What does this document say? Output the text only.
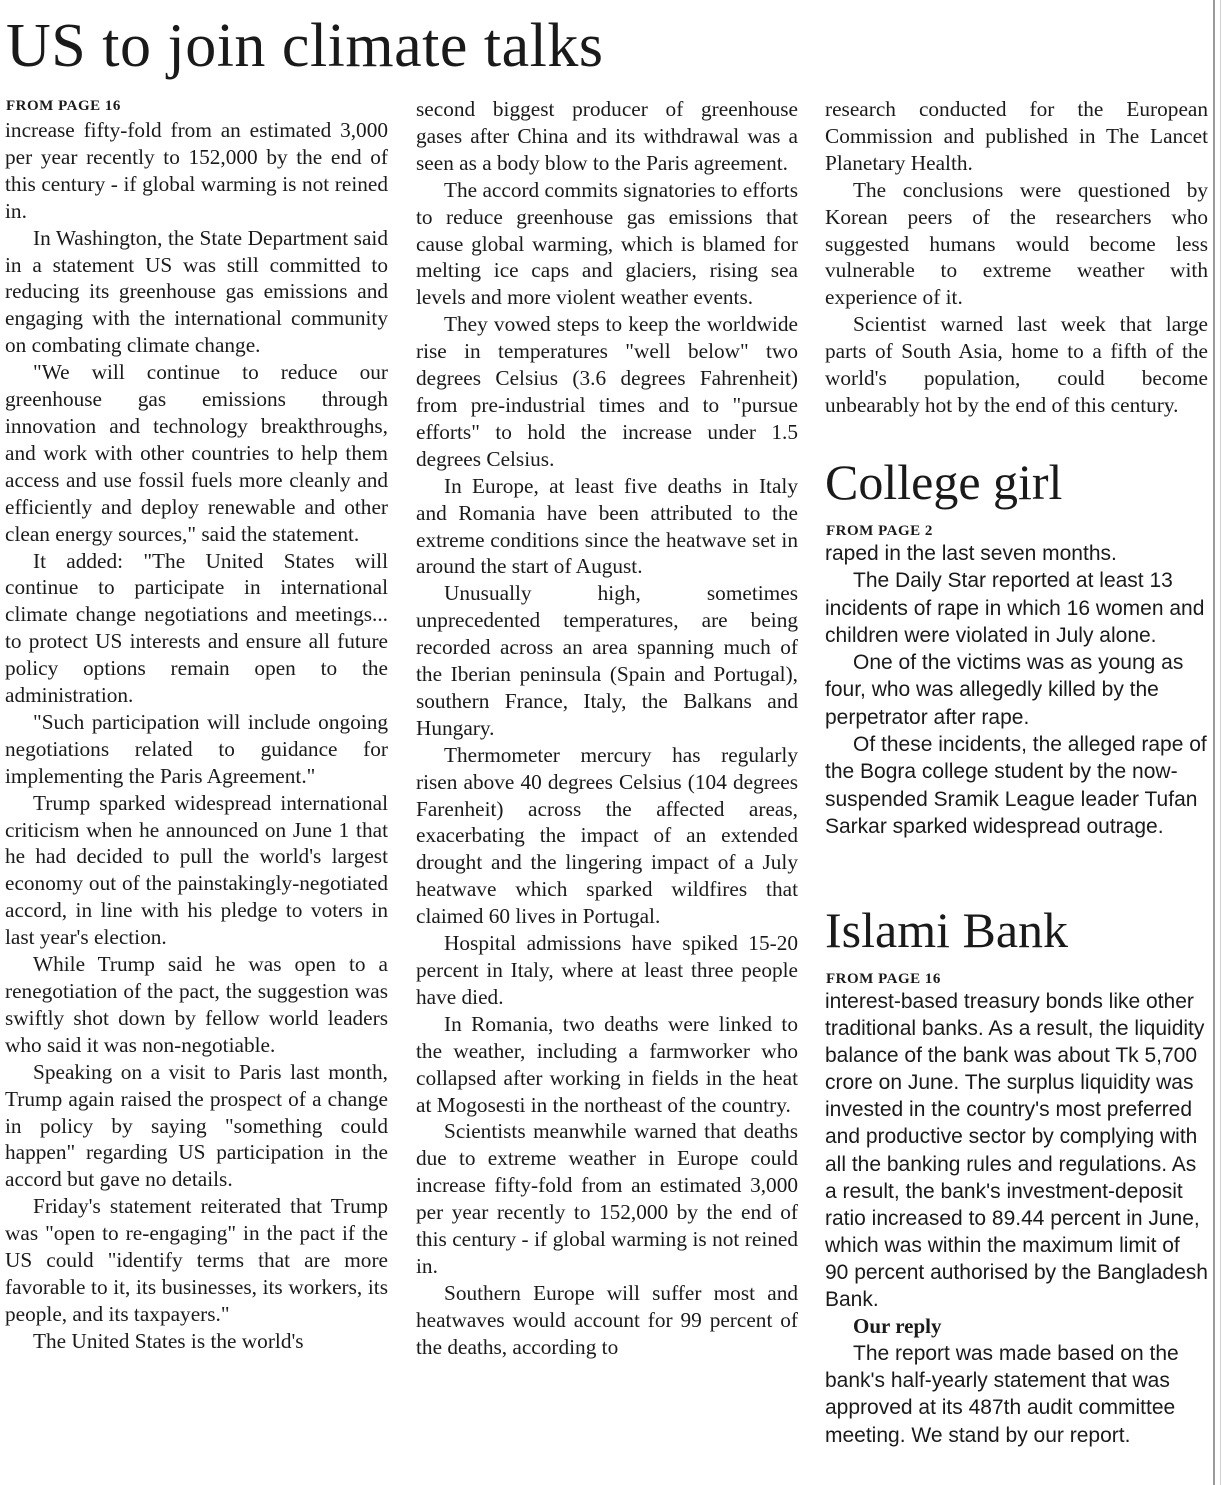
US to join climate talks
FROM PAGE 16

increase fifty-fold from an estimated 3,000 per year recently to 152,000 by the end of this century - if global warming is not reined in.

In Washington, the State Department said in a statement US was still committed to reducing its greenhouse gas emissions and engaging with the international community on combating climate change.

"We will continue to reduce our greenhouse gas emissions through innovation and technology breakthroughs, and work with other countries to help them access and use fossil fuels more cleanly and efficiently and deploy renewable and other clean energy sources," said the statement.

It added: "The United States will continue to participate in international climate change negotiations and meetings... to protect US interests and ensure all future policy options remain open to the administration.

"Such participation will include ongoing negotiations related to guidance for implementing the Paris Agreement."

Trump sparked widespread international criticism when he announced on June 1 that he had decided to pull the world's largest economy out of the painstakingly-negotiated accord, in line with his pledge to voters in last year's election.

While Trump said he was open to a renegotiation of the pact, the suggestion was swiftly shot down by fellow world leaders who said it was non-negotiable.

Speaking on a visit to Paris last month, Trump again raised the prospect of a change in policy by saying "something could happen" regarding US participation in the accord but gave no details.

Friday's statement reiterated that Trump was "open to re-engaging" in the pact if the US could "identify terms that are more favorable to it, its businesses, its workers, its people, and its taxpayers."

The United States is the world's

second biggest producer of greenhouse gases after China and its withdrawal was a seen as a body blow to the Paris agreement.

The accord commits signatories to efforts to reduce greenhouse gas emissions that cause global warming, which is blamed for melting ice caps and glaciers, rising sea levels and more violent weather events.

They vowed steps to keep the worldwide rise in temperatures "well below" two degrees Celsius (3.6 degrees Fahrenheit) from pre-industrial times and to "pursue efforts" to hold the increase under 1.5 degrees Celsius.

In Europe, at least five deaths in Italy and Romania have been attributed to the extreme conditions since the heatwave set in around the start of August.

Unusually high, sometimes unprecedented temperatures, are being recorded across an area spanning much of the Iberian peninsula (Spain and Portugal), southern France, Italy, the Balkans and Hungary.

Thermometer mercury has regularly risen above 40 degrees Celsius (104 degrees Farenheit) across the affected areas, exacerbating the impact of an extended drought and the lingering impact of a July heatwave which sparked wildfires that claimed 60 lives in Portugal.

Hospital admissions have spiked 15-20 percent in Italy, where at least three people have died.

In Romania, two deaths were linked to the weather, including a farmworker who collapsed after working in fields in the heat at Mogosesti in the northeast of the country.

Scientists meanwhile warned that deaths due to extreme weather in Europe could increase fifty-fold from an estimated 3,000 per year recently to 152,000 by the end of this century - if global warming is not reined in.

Southern Europe will suffer most and heatwaves would account for 99 percent of the deaths, according to

research conducted for the European Commission and published in The Lancet Planetary Health.

The conclusions were questioned by Korean peers of the researchers who suggested humans would become less vulnerable to extreme weather with experience of it.

Scientist warned last week that large parts of South Asia, home to a fifth of the world's population, could become unbearably hot by the end of this century.

College girl
FROM PAGE 2

raped in the last seven months.

The Daily Star reported at least 13 incidents of rape in which 16 women and children were violated in July alone.

One of the victims was as young as four, who was allegedly killed by the perpetrator after rape.

Of these incidents, the alleged rape of the Bogra college student by the now-suspended Sramik League leader Tufan Sarkar sparked widespread outrage.

Islami Bank
FROM PAGE 16

interest-based treasury bonds like other traditional banks. As a result, the liquidity balance of the bank was about Tk 5,700 crore on June. The surplus liquidity was invested in the country's most preferred and productive sector by complying with all the banking rules and regulations. As a result, the bank's investment-deposit ratio increased to 89.44 percent in June, which was within the maximum limit of 90 percent authorised by the Bangladesh Bank.

Our reply

The report was made based on the bank's half-yearly statement that was approved at its 487th audit committee meeting. We stand by our report.
